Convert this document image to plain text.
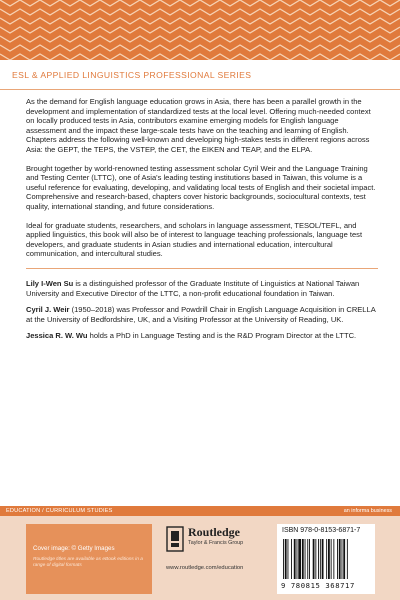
ESL & APPLIED LINGUISTICS PROFESSIONAL SERIES

As the demand for English language education grows in Asia, there has been a parallel growth in the development and implementation of standardized tests at the local level. Offering much-needed context on locally produced tests in Asia, contributors examine emerging models for English language assessment and the impact these large-scale tests have on the teaching and learning of English. Chapters address the following well-known and developing high-stakes tests in different regions across Asia: the GEPT, the TEPS, the VSTEP, the CET, the EIKEN and TEAP, and the ELPA.

Brought together by world-renowned testing assessment scholar Cyril Weir and the Language Training and Testing Center (LTTC), one of Asia's leading testing institutions based in Taiwan, this volume is a useful reference for evaluating, developing, and validating local tests of English and their societal impact. Comprehensive and research-based, chapters cover historic backgrounds, sociocultural contexts, test quality, international standing, and future considerations.

Ideal for graduate students, researchers, and scholars in language assessment, TESOL/TEFL, and applied linguistics, this book will also be of interest to language teaching professionals, language test developers, and graduate students in Asian studies and international education, intercultural communication, and intercultural studies.

Lily I-Wen Su is a distinguished professor of the Graduate Institute of Linguistics at National Taiwan University and Executive Director of the LTTC, a non-profit educational foundation in Taiwan.

Cyril J. Weir (1950–2018) was Professor and Powdrill Chair in English Language Acquisition in CRELLA at the University of Bedfordshire, UK, and a Visiting Professor at the University of Reading, UK.

Jessica R. W. Wu holds a PhD in Language Testing and is the R&D Program Director at the LTTC.

EDUCATION / CURRICULUM STUDIES	an informa business
Cover image: © Getty Images
Routledge titles are available as eBook editions in a range of digital formats
Routledge
Taylor & Francis Group
www.routledge.com/education
ISBN 978-0-8153-6871-7
9 780815 368717
